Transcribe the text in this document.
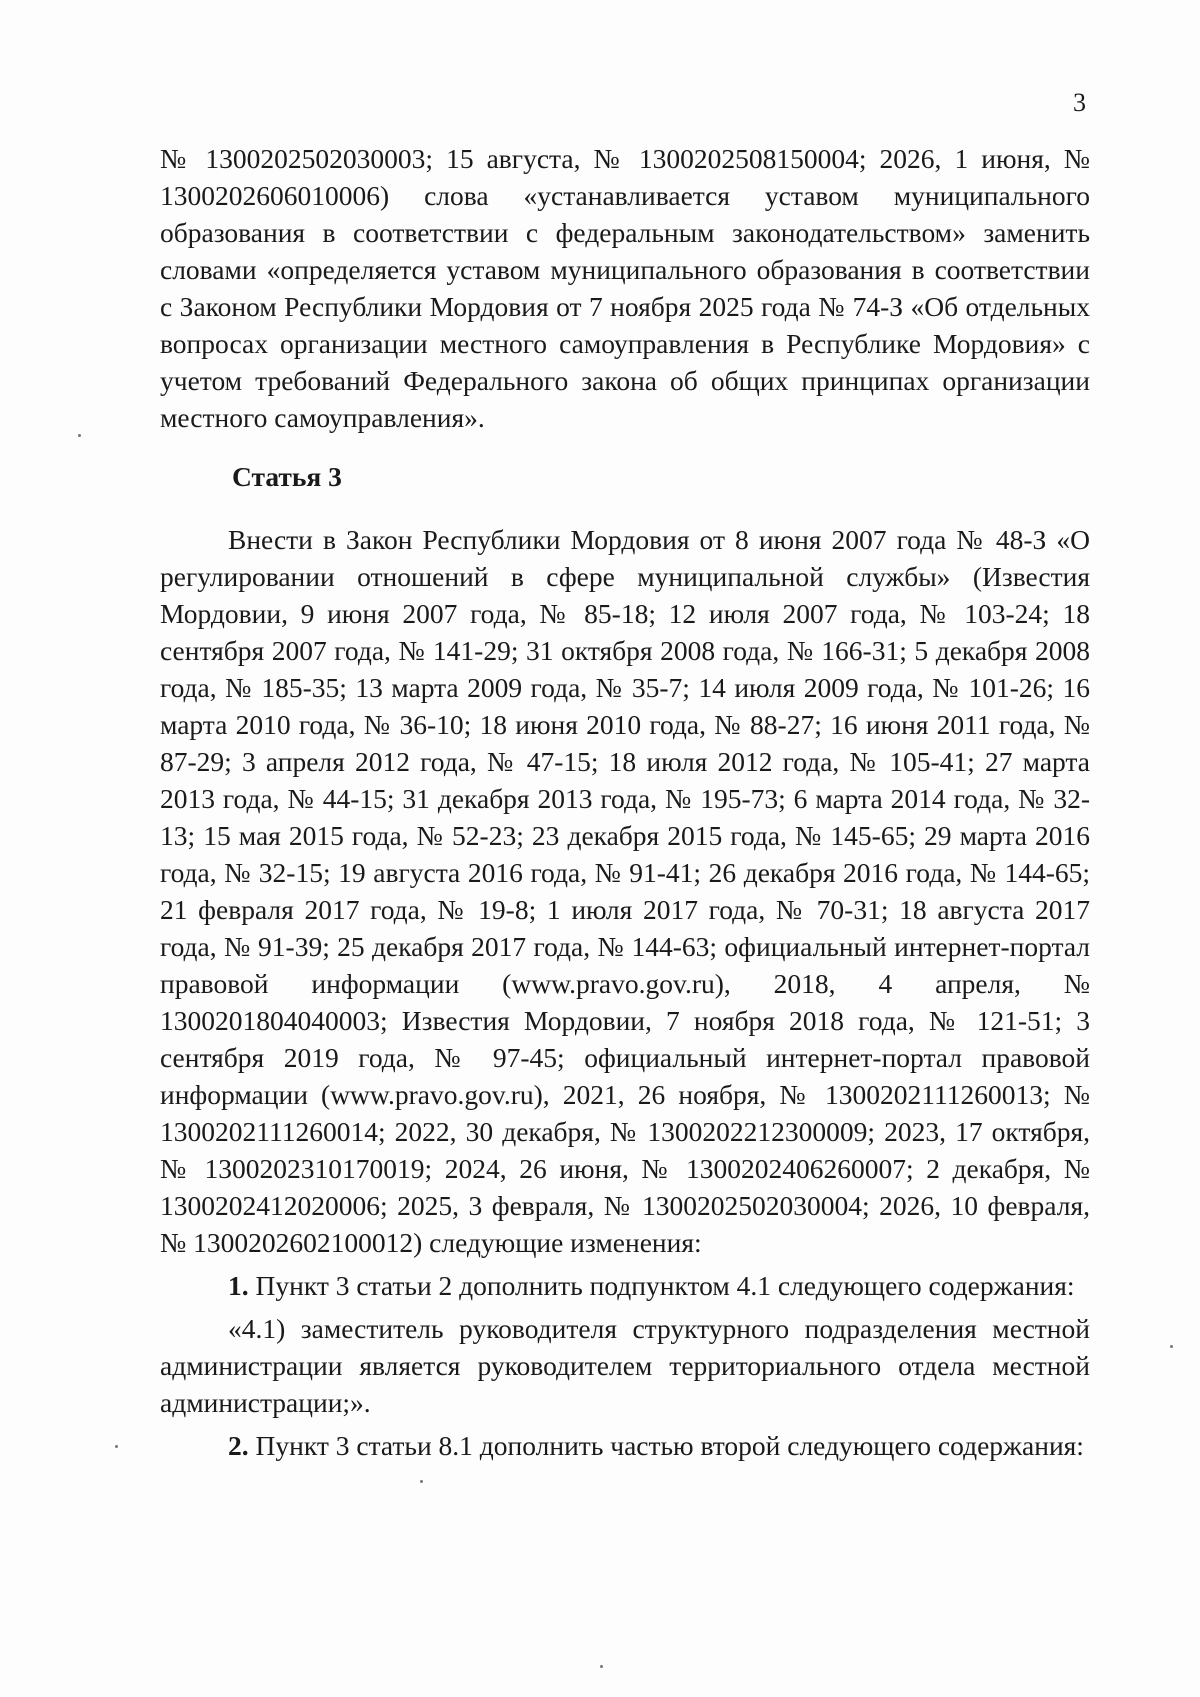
3

№ 1300202502030003; 15 августа, № 1300202508150004; 2026, 1 июня, № 1300202606010006) слова «устанавливается уставом муниципального образования в соответствии с федеральным законодательством» заменить словами «определяется уставом муниципального образования в соответствии с Законом Республики Мордовия от 7 ноября 2025 года № 74-З «Об отдельных вопросах организации местного самоуправления в Республике Мордовия» с учетом требований Федерального закона об общих принципах организации местного самоуправления».

Статья 3

Внести в Закон Республики Мордовия от 8 июня 2007 года № 48-З «О регулировании отношений в сфере муниципальной службы» (Известия Мордовии, 9 июня 2007 года, № 85-18; 12 июля 2007 года, № 103-24; 18 сентября 2007 года, № 141-29; 31 октября 2008 года, № 166-31; 5 декабря 2008 года, № 185-35; 13 марта 2009 года, № 35-7; 14 июля 2009 года, № 101-26; 16 марта 2010 года, № 36-10; 18 июня 2010 года, № 88-27; 16 июня 2011 года, № 87-29; 3 апреля 2012 года, № 47-15; 18 июля 2012 года, № 105-41; 27 марта 2013 года, № 44-15; 31 декабря 2013 года, № 195-73; 6 марта 2014 года, № 32-13; 15 мая 2015 года, № 52-23; 23 декабря 2015 года, № 145-65; 29 марта 2016 года, № 32-15; 19 августа 2016 года, № 91-41; 26 декабря 2016 года, № 144-65; 21 февраля 2017 года, № 19-8; 1 июля 2017 года, № 70-31; 18 августа 2017 года, № 91-39; 25 декабря 2017 года, № 144-63; официальный интернет-портал правовой информации (www.pravo.gov.ru), 2018, 4 апреля, № 1300201804040003; Известия Мордовии, 7 ноября 2018 года, № 121-51; 3 сентября 2019 года, № 97-45; официальный интернет-портал правовой информации (www.pravo.gov.ru), 2021, 26 ноября, № 1300202111260013; № 1300202111260014; 2022, 30 декабря, № 1300202212300009; 2023, 17 октября, № 1300202310170019; 2024, 26 июня, № 1300202406260007; 2 декабря, № 1300202412020006; 2025, 3 февраля, № 1300202502030004; 2026, 10 февраля, № 1300202602100012) следующие изменения:

1. Пункт 3 статьи 2 дополнить подпунктом 4.1 следующего содержания:

«4.1) заместитель руководителя структурного подразделения местной администрации является руководителем территориального отдела местной администрации;».

2. Пункт 3 статьи 8.1 дополнить частью второй следующего содержания:
